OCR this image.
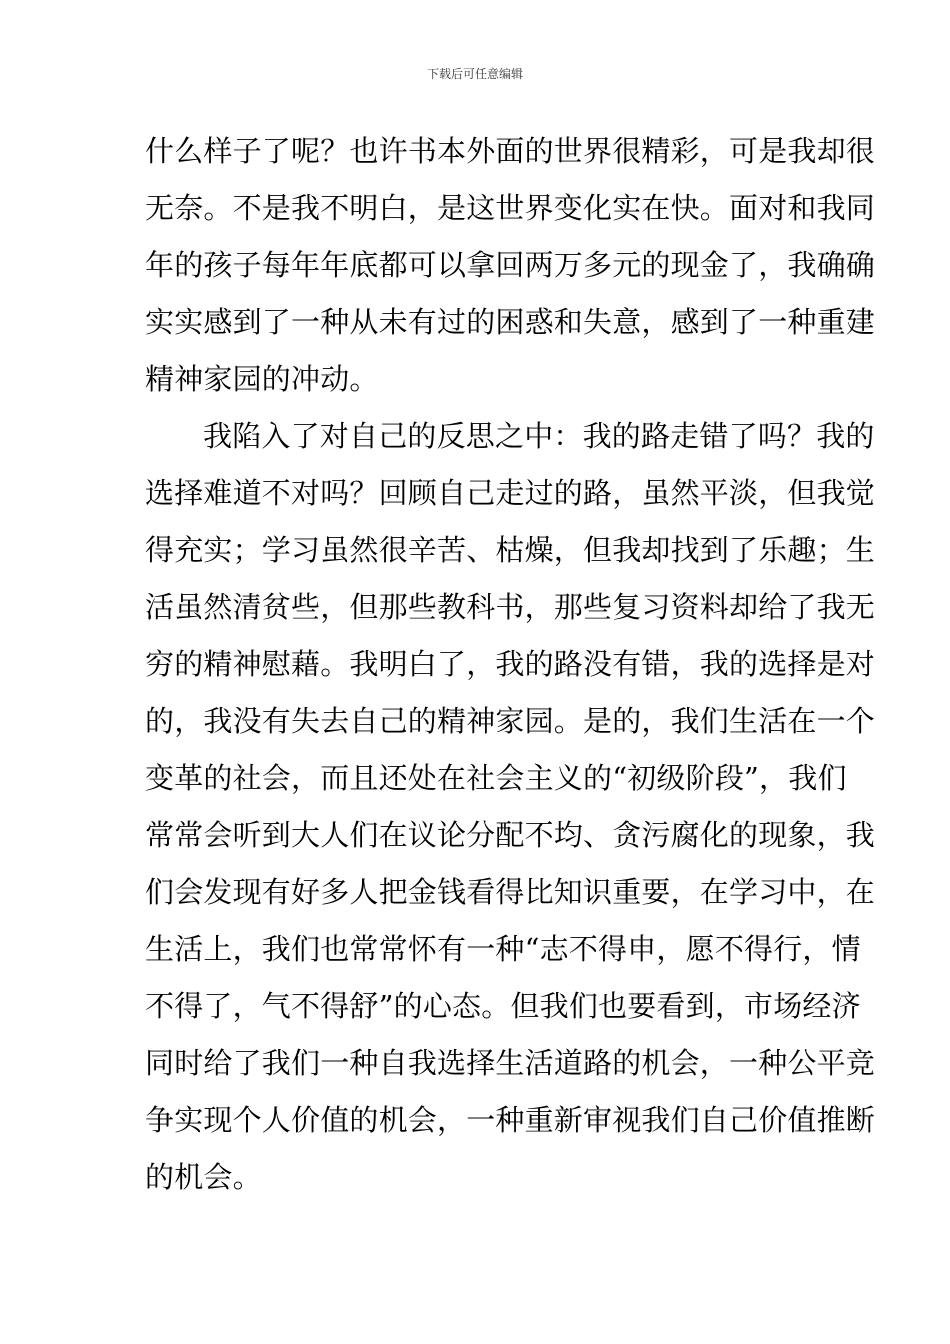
下载后可任意编辑
什么样子了呢？也许书本外面的世界很精彩，可是我却很
无奈。不是我不明白，是这世界变化实在快。面对和我同
年的孩子每年年底都可以拿回两万多元的现金了，我确确
实实感到了一种从未有过的困惑和失意，感到了一种重建
精神家园的冲动。
我陷入了对自己的反思之中：我的路走错了吗？我的
选择难道不对吗？回顾自己走过的路，虽然平淡，但我觉
得充实；学习虽然很辛苦、枯燥，但我却找到了乐趣；生
活虽然清贫些，但那些教科书，那些复习资料却给了我无
穷的精神慰藉。我明白了，我的路没有错，我的选择是对
的，我没有失去自己的精神家园。是的，我们生活在一个
变革的社会，而且还处在社会主义的“初级阶段”，我们
常常会听到大人们在议论分配不均、贪污腐化的现象，我
们会发现有好多人把金钱看得比知识重要，在学习中，在
生活上，我们也常常怀有一种“志不得申，愿不得行，情
不得了，气不得舒”的心态。但我们也要看到，市场经济
同时给了我们一种自我选择生活道路的机会，一种公平竞
争实现个人价值的机会，一种重新审视我们自己价值推断
的机会。
